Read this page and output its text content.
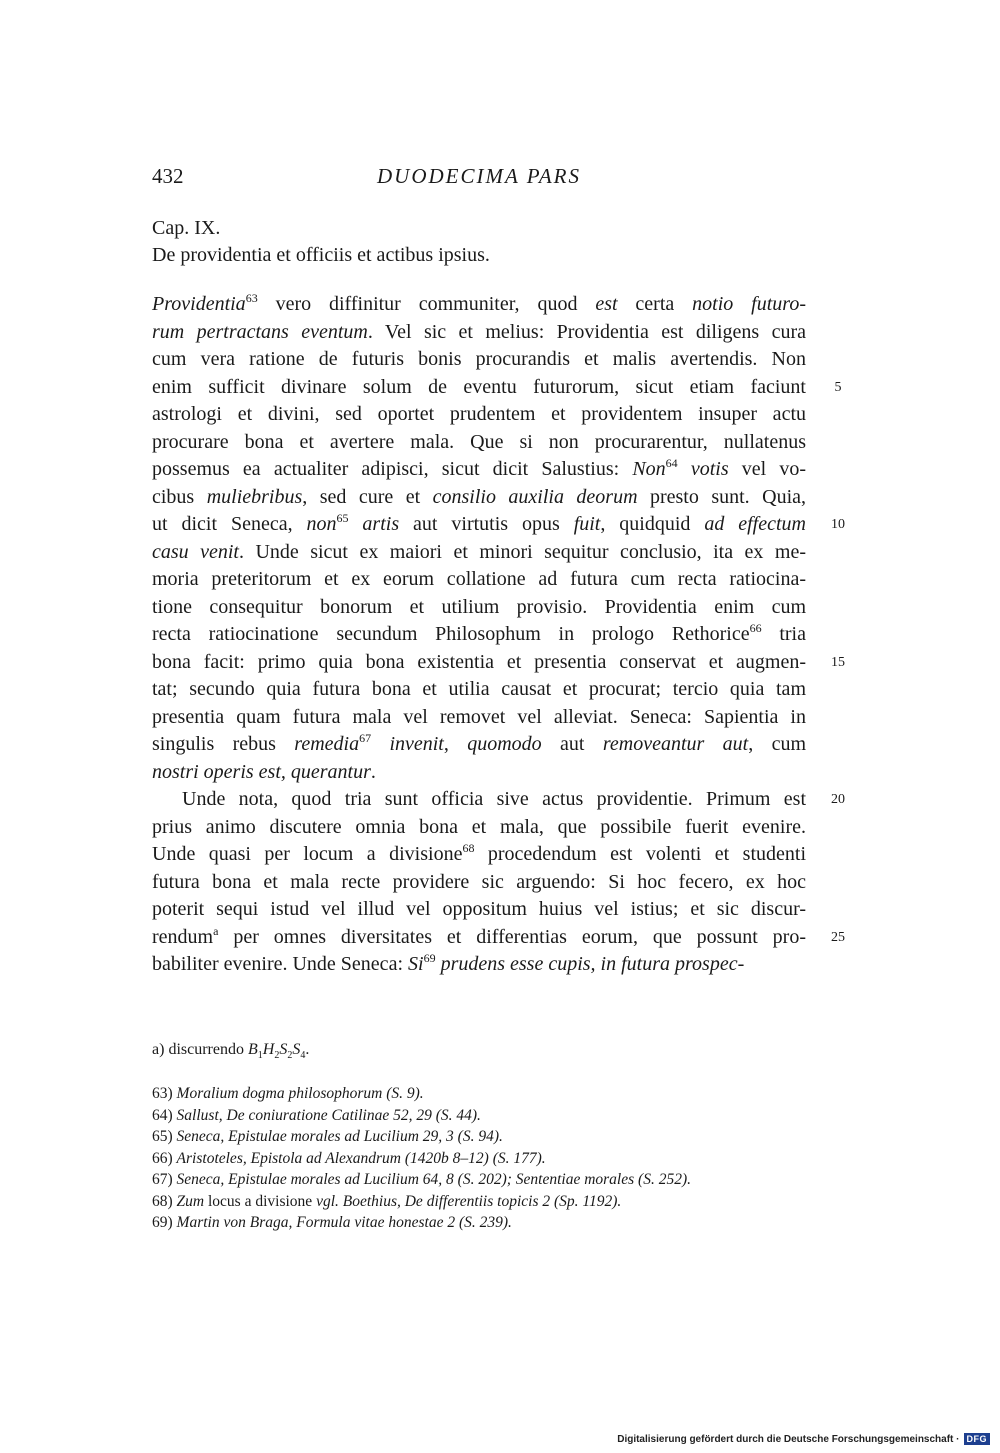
432	DUODECIMA PARS
Cap. IX.
De providentia et officiis et actibus ipsius.
Providentia$^{63}$ vero diffinitur communiter, quod est certa notio futuro-
rum pertractans eventum. Vel sic et melius: Providentia est diligens cura
cum vera ratione de futuris bonis procurandis et malis avertendis. Non
enim sufficit divinare solum de eventu futurorum, sicut etiam faciunt
astrologi et divini, sed oportet prudentem et providentem insuper actu
procurare bona et avertere mala. Que si non procurarentur, nullatenus
possemus ea actualiter adipisci, sicut dicit Salustius: Non$^{64}$ votis vel vo-
cibus muliebribus, sed cure et consilio auxilia deorum presto sunt. Quia,
ut dicit Seneca, non$^{65}$ artis aut virtutis opus fuit, quidquid ad effectum
casu venit. Unde sicut ex maiori et minori sequitur conclusio, ita ex me-
moria preteritorum et ex eorum collatione ad futura cum recta ratiocina-
tione consequitur bonorum et utilium provisio. Providentia enim cum
recta ratiocinatione secundum Philosophum in prologo Rethorice$^{66}$ tria
bona facit: primo quia bona existentia et presentia conservat et augmen-
tat; secundo quia futura bona et utilia causat et procurat; tercio quia tam
presentia quam futura mala vel removet vel alleviat. Seneca: Sapientia in
singulis rebus remedia$^{67}$ invenit, quomodo aut removeantur aut, cum
nostri operis est, querantur.
Unde nota, quod tria sunt officia sive actus providentie. Primum est
prius animo discutere omnia bona et mala, que possibile fuerit evenire.
Unde quasi per locum a divisione$^{68}$ procedendum est volenti et studenti
futura bona et mala recte providere sic arguendo: Si hoc fecero, ex hoc
poterit sequi istud vel illud vel oppositum huius vel istius; et sic discur-
rendum$^a$ per omnes diversitates et differentias eorum, que possunt pro-
babiliter evenire. Unde Seneca: Si$^{69}$ prudens esse cupis, in futura prospec-
5
10
15
20
25
a) discurrendo $B_1H_2S_2S_4$.
63) Moralium dogma philosophorum (S. 9).
64) Sallust, De coniuratione Catilinae 52, 29 (S. 44).
65) Seneca, Epistulae morales ad Lucilium 29, 3 (S. 94).
66) Aristoteles, Epistola ad Alexandrum (1420b 8–12) (S. 177).
67) Seneca, Epistulae morales ad Lucilium 64, 8 (S. 202); Sententiae morales (S. 252).
68) Zum locus a divisione vgl. Boethius, De differentiis topicis 2 (Sp. 1192).
69) Martin von Braga, Formula vitae honestae 2 (S. 239).
Digitalisierung gefördert durch die Deutsche Forschungsgemeinschaft · DFG
